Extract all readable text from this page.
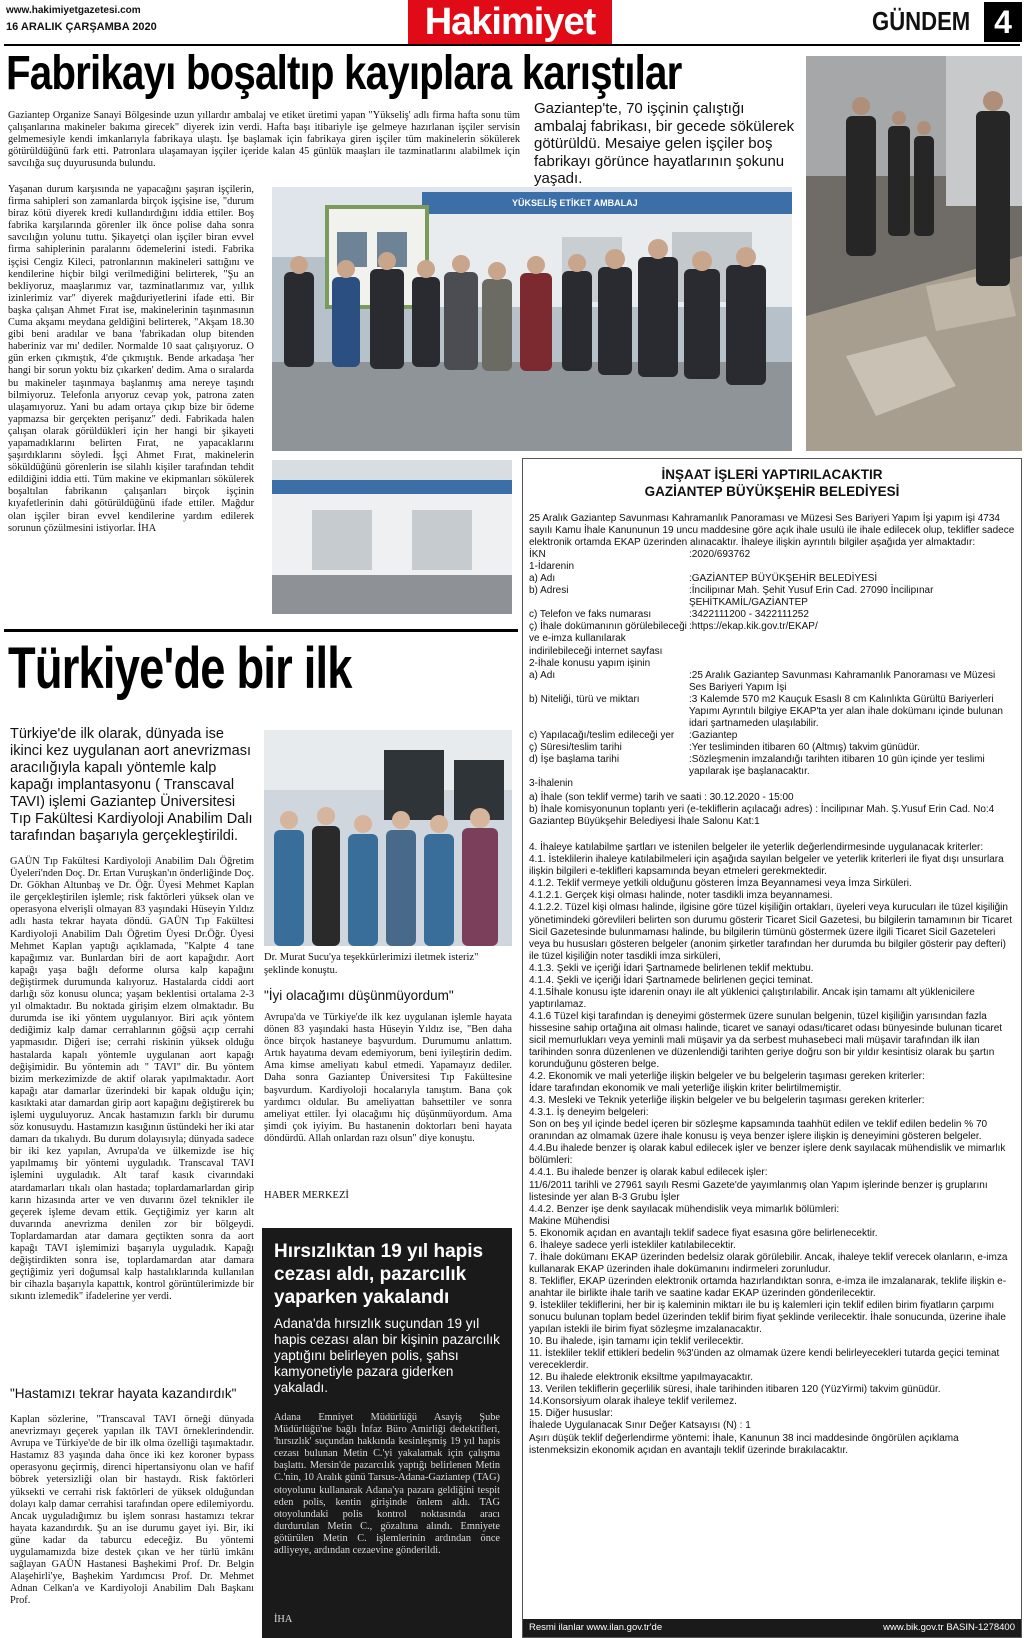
www.hakimiyetgazetesi.com
16 ARALIK ÇARŞAMBA 2020	Hakimiyet	GÜNDEM 4
Fabrikayı boşaltıp kayıplara karıştılar
Gaziantep Organize Sanayi Bölgesinde uzun yıllardır ambalaj ve etiket üretimi yapan "Yükseliş' adlı firma hafta sonu tüm çalışanlarına makineler bakıma girecek" diyerek izin verdi. Hafta başı itibariyle işe gelmeye hazırlanan işçiler servisin gelmemesiyle kendi imkanlarıyla fabrikaya ulaştı. İşe başlamak için fabrikaya giren işçiler tüm makinelerin sökülerek götürüldüğünü fark etti. Patronlara ulaşamayan işçiler içeride kalan 45 günlük maaşları ile tazminatlarını alabilmek için savcılığa suç duyurusunda bulundu.
Gaziantep'te, 70 işçinin çalıştığı ambalaj fabrikası, bir gecede sökülerek götürüldü. Mesaiye gelen işçiler boş fabrikayı görünce hayatlarının şokunu yaşadı.
Yaşanan durum karşısında ne yapacağını şaşıran işçilerin, firma sahipleri son zamanlarda birçok işçisine ise, "durum biraz kötü diyerek kredi kullandırdığını iddia ettiler. Boş fabrika karşılarında görenler ilk önce polise daha sonra savcılığın yolunu tuttu. Şikayetçi olan işçiler biran evvel firma sahiplerinin paralarını ödemelerini istedi. Fabrika işçisi Cengiz Kileci, patronlarının makineleri sattığını ve kendilerine hiçbir bilgi verilmediğini belirterek, "Şu an bekliyoruz, maaşlarımız var, tazminatlarımız var, yıllık izinlerimiz var" diyerek mağduriyetlerini ifade etti. Bir başka çalışan Ahmet Fırat ise, makinelerinin taşınmasının Cuma akşamı meydana geldiğini belirterek, "Akşam 18.30 gibi beni aradılar ve bana 'fabrikadan olup bitenden haberiniz var mı' dediler. Normalde 10 saat çalışıyoruz. O gün erken çıkmıştık, 4'de çıkmıştık. Bende arkadaşa 'her hangi bir sorun yoktu biz çıkarken' dedim. Ama o sıralarda bu makineler taşınmaya başlanmış ama nereye taşındı bilmiyoruz. Telefonla arıyoruz cevap yok, patrona zaten ulaşamıyoruz. Yani bu adam ortaya çıkıp bize bir ödeme yapmazsa bir gerçekten perişanız" dedi. Fabrikada halen çalışan olarak görüldükleri için her hangi bir şikayeti yapamadıklarını belirten Fırat, ne yapacaklarını şaşırdıklarını söyledi. İşçi Ahmet Fırat, makinelerin söküldüğünü görenlerin ise silahlı kişiler tarafından tehdit edildiğini iddia etti. Tüm makine ve ekipmanları sökülerek boşaltılan fabrikanın çalışanları birçok işçinin kıyafetlerinin dahi götürüldüğünü ifade ettiler. Mağdur olan işçiler biran evvel kendilerine yardım edilerek sorunun çözülmesini istiyorlar. İHA
YÜKSELİŞ ETİKET AMBALAJ
Türkiye'de bir ilk
Türkiye'de ilk olarak, dünyada ise ikinci kez uygulanan aort anevrizması aracılığıyla kapalı yöntemle kalp kapağı implantasyonu ( Transcaval TAVI) işlemi Gaziantep Üniversitesi Tıp Fakültesi Kardiyoloji Anabilim Dalı tarafından başarıyla gerçekleştirildi.
GAÜN Tıp Fakültesi Kardiyoloji Anabilim Dalı Öğretim Üyeleri'nden Doç. Dr. Ertan Vuruşkan'ın önderliğinde Doç. Dr. Gökhan Altunbaş ve Dr. Öğr. Üyesi Mehmet Kaplan ile gerçekleştirilen işlemle; risk faktörleri yüksek olan ve operasyona elverişli olmayan 83 yaşındaki Hüseyin Yıldız adlı hasta tekrar hayata döndü. GAÜN Tıp Fakültesi Kardiyoloji Anabilim Dalı Öğretim Üyesi Dr.Öğr. Üyesi Mehmet Kaplan yaptığı açıklamada, "Kalpte 4 tane kapağımız var. Bunlardan biri de aort kapağıdır. Aort kapağı yaşa bağlı deforme olursa kalp kapağını değiştirmek durumunda kalıyoruz. Hastalarda ciddi aort darlığı söz konusu olunca; yaşam beklentisi ortalama 2-3 yıl olmaktadır. Bu noktada girişim elzem olmaktadır. Bu durumda ise iki yöntem uygulanıyor. Biri açık yöntem dediğimiz kalp damar cerrahlarının göğsü açıp cerrahi yapmasıdır. Diğeri ise; cerrahi riskinin yüksek olduğu hastalarda kapalı yöntemle uygulanan aort kapağı değişimidir. Bu yöntemin adı " TAVI" dir. Bu yöntem bizim merkezimizde de aktif olarak yapılmaktadır. Aort kapağı atar damarlar üzerindeki bir kapak olduğu için; kasıktaki atar damardan girip aort kapağını değiştirerek bu işlemi uyguluyoruz. Ancak hastamızın farklı bir durumu söz konusuydu. Hastamızın kasığının üstündeki her iki atar damarı da tıkalıydı. Bu durum dolayısıyla; dünyada sadece bir iki kez yapılan, Avrupa'da ve ülkemizde ise hiç yapılmamış bir yöntemi uyguladık. Transcaval TAVI işlemini uyguladık. Alt taraf kasık civarındaki atardamarları tıkalı olan hastada; toplardamarlardan girip karın hizasında arter ve ven duvarını özel teknikler ile geçerek işleme devam ettik. Geçtiğimiz yer karın alt duvarında anevrizma denilen zor bir bölgeydi. Toplardamardan atar damara geçtikten sonra da aort kapağı TAVI işlemimizi başarıyla uyguladık. Kapağı değiştirdikten sonra ise, toplardamardan atar damara geçtiğimiz yeri doğumsal kalp hastalıklarında kullanılan bir cihazla başarıyla kapattık, kontrol görüntülerimizde bir sıkıntı izlemedik" ifadelerine yer verdi.
"Hastamızı tekrar hayata kazandırdık"
Kaplan sözlerine, "Transcaval TAVI örneği dünyada anevrizmayı geçerek yapılan ilk TAVI örneklerindendir. Avrupa ve Türkiye'de de bir ilk olma özelliği taşımaktadır. Hastamız 83 yaşında daha önce iki kez koroner bypass operasyonu geçirmiş, direnci hipertansiyonu olan ve hafif böbrek yetersizliği olan bir hastaydı. Risk faktörleri yüksekti ve cerrahi risk faktörleri de yüksek olduğundan dolayı kalp damar cerrahisi tarafından opere edilemiyordu. Ancak uyguladığımız bu işlem sonrası hastamızı tekrar hayata kazandırdık. Şu an ise durumu gayet iyi. Bir, iki güne kadar da taburcu edeceğiz. Bu yöntemi uygulamamızda bize destek çıkan ve her türlü imkânı sağlayan GAÜN Hastanesi Başhekimi Prof. Dr. Belgin Alaşehirli'ye, Başhekim Yardımcısı Prof. Dr. Mehmet Adnan Celkan'a ve Kardiyoloji Anabilim Dalı Başkanı Prof.
Dr. Murat Sucu'ya teşekkürlerimizi iletmek isteriz" şeklinde konuştu.
"İyi olacağımı düşünmüyordum"
Avrupa'da ve Türkiye'de ilk kez uygulanan işlemle hayata dönen 83 yaşındaki hasta Hüseyin Yıldız ise, "Ben daha önce birçok hastaneye başvurdum. Durumumu anlattım. Artık hayatıma devam edemiyorum, beni iyileştirin dedim. Ama kimse ameliyatı kabul etmedi. Yapamayız dediler. Daha sonra Gaziantep Üniversitesi Tıp Fakültesine başvurdum. Kardiyoloji hocalarıyla tanıştım. Bana çok yardımcı oldular. Bu ameliyattan bahsettiler ve sonra ameliyat ettiler. İyi olacağımı hiç düşünmüyordum. Ama şimdi çok iyiyim. Bu hastanenin doktorları beni hayata döndürdü. Allah onlardan razı olsun" diye konuştu.
HABER MERKEZİ
Hırsızlıktan 19 yıl hapis cezası aldı, pazarcılık yaparken yakalandı
Adana'da hırsızlık suçundan 19 yıl hapis cezası alan bir kişinin pazarcılık yaptığını belirleyen polis, şahsı kamyonetiyle pazara giderken yakaladı.
Adana Emniyet Müdürlüğü Asayiş Şube Müdürlüğü'ne bağlı İnfaz Büro Amirliği dedektifleri, 'hırsızlık' suçundan hakkında kesinleşmiş 19 yıl hapis cezası bulunan Metin C.'yi yakalamak için çalışma başlattı. Mersin'de pazarcılık yaptığı belirlenen Metin C.'nin, 10 Aralık günü Tarsus-Adana-Gaziantep (TAG) otoyolunu kullanarak Adana'ya pazara geldiğini tespit eden polis, kentin girişinde önlem aldı. TAG otoyolundaki polis kontrol noktasında aracı durdurulan Metin C., gözaltına alındı. Emniyete götürülen Metin C. işlemlerinin ardından önce adliyeye, ardından cezaevine gönderildi.
İHA
İNŞAAT İŞLERİ YAPTIRILACAKTIR
GAZİANTEP BÜYÜKŞEHİR BELEDİYESİ

25 Aralık Gaziantep Savunması Kahramanlık Panoraması ve Müzesi Ses Bariyeri Yapım İşi yapım işi 4734 sayılı Kamu İhale Kanununun 19 uncu maddesine göre açık ihale usulü ile ihale edilecek olup, teklifler sadece elektronik ortamda EKAP üzerinden alınacaktır. İhaleye ilişkin ayrıntılı bilgiler aşağıda yer almaktadır:

İKN	:2020/693762
1-İdarenin
a) Adı	:GAZİANTEP BÜYÜKŞEHİR BELEDİYESİ
b) Adresi	:İncilipınar Mah. Şehit Yusuf Erin Cad. 27090 İncilipınar ŞEHİTKAMİL/GAZİANTEP
c) Telefon ve faks numarası	:3422111200 - 3422111252
ç) İhale dokümanının görülebileceği ve e-imza kullanılarak indirilebileceği internet sayfası
:https://ekap.kik.gov.tr/EKAP/
2-İhale konusu yapım işinin
a) Adı	:25 Aralık Gaziantep Savunması Kahramanlık Panoraması ve Müzesi Ses Bariyeri Yapım İşi
b) Niteliği, türü ve miktarı	:3 Kalemde 570 m2 Kauçuk Esaslı 8 cm Kalınlıkta Gürültü Bariyerleri Yapımı Ayrıntılı bilgiye EKAP'ta yer alan ihale dokümanı içinde bulunan idari şartnameden ulaşılabilir.
c) Yapılacağı/teslim edileceği yer	:Gaziantep
ç) Süresi/teslim tarihi	:Yer tesliminden itibaren 60 (Altmış) takvim günüdür.
d) İşe başlama tarihi	:Sözleşmenin imzalandığı tarihten itibaren 10 gün içinde yer teslimi yapılarak işe başlanacaktır.
3-İhalenin

a) İhale (son teklif verme) tarih ve saati : 30.12.2020 - 15:00

b) İhale komisyonunun toplantı yeri (e-tekliflerin açılacağı adres) : İncilipınar Mah. Ş.Yusuf Erin Cad. No:4 Gaziantep Büyükşehir Belediyesi İhale Salonu Kat:1

4. İhaleye katılabilme şartları ve istenilen belgeler ile yeterlik değerlendirmesinde uygulanacak kriterler:

4.1. İsteklilerin ihaleye katılabilmeleri için aşağıda sayılan belgeler ve yeterlik kriterleri ile fiyat dışı unsurlara ilişkin bilgileri e-teklifleri kapsamında beyan etmeleri gerekmektedir.

4.1.2. Teklif vermeye yetkili olduğunu gösteren İmza Beyannamesi veya İmza Sirküleri.

4.1.2.1. Gerçek kişi olması halinde, noter tasdikli imza beyannamesi.

4.1.2.2. Tüzel kişi olması halinde, ilgisine göre tüzel kişiliğin ortakları, üyeleri veya kurucuları ile tüzel kişiliğin yönetimindeki görevlileri belirten son durumu gösterir Ticaret Sicil Gazetesi, bu bilgilerin tamamının bir Ticaret Sicil Gazetesinde bulunmaması halinde, bu bilgilerin tümünü göstermek üzere ilgili Ticaret Sicil Gazeteleri veya bu hususları gösteren belgeler (anonim şirketler tarafından her durumda bu bilgiler gösterir pay defteri) ile tüzel kişiliğin noter tasdikli imza sirküleri,

4.1.3. Şekli ve içeriği İdari Şartnamede belirlenen teklif mektubu.

4.1.4. Şekli ve içeriği İdari Şartnamede belirlenen geçici teminat.

4.1.5İhale konusu işte idarenin onayı ile alt yüklenici çalıştırılabilir. Ancak işin tamamı alt yüklenicilere yaptırılamaz.

4.1.6 Tüzel kişi tarafından iş deneyimi göstermek üzere sunulan belgenin, tüzel kişiliğin yarısından fazla hissesine sahip ortağına ait olması halinde, ticaret ve sanayi odası/ticaret odası bünyesinde bulunan ticaret sicil memurlukları veya yeminli mali müşavir ya da serbest muhasebeci mali müşavir tarafından ilk ilan tarihinden sonra düzenlenen ve düzenlendiği tarihten geriye doğru son bir yıldır kesintisiz olarak bu şartın korunduğunu gösteren belge.

4.2. Ekonomik ve mali yeterliğe ilişkin belgeler ve bu belgelerin taşıması gereken kriterler:

İdare tarafından ekonomik ve mali yeterliğe ilişkin kriter belirtilmemiştir.

4.3. Mesleki ve Teknik yeterliğe ilişkin belgeler ve bu belgelerin taşıması gereken kriterler:

4.3.1. İş deneyim belgeleri:

Son on beş yıl içinde bedel içeren bir sözleşme kapsamında taahhüt edilen ve teklif edilen bedelin % 70 oranından az olmamak üzere ihale konusu iş veya benzer işlere ilişkin iş deneyimini gösteren belgeler.

4.4.Bu ihalede benzer iş olarak kabul edilecek işler ve benzer işlere denk sayılacak mühendislik ve mimarlık bölümleri:

4.4.1. Bu ihalede benzer iş olarak kabul edilecek işler:

11/6/2011 tarihli ve 27961 sayılı Resmi Gazete'de yayımlanmış olan Yapım işlerinde benzer iş gruplarını listesinde yer alan B-3 Grubu İşler

4.4.2. Benzer işe denk sayılacak mühendislik veya mimarlık bölümleri:

Makine Mühendisi

5. Ekonomik açıdan en avantajlı teklif sadece fiyat esasına göre belirlenecektir.

6. İhaleye sadece yerli istekliler katılabilecektir.

7. İhale dokümanı EKAP üzerinden bedelsiz olarak görülebilir. Ancak, ihaleye teklif verecek olanların, e-imza kullanarak EKAP üzerinden ihale dokümanını indirmeleri zorunludur.

8. Teklifler, EKAP üzerinden elektronik ortamda hazırlandıktan sonra, e-imza ile imzalanarak, teklife ilişkin e-anahtar ile birlikte ihale tarih ve saatine kadar EKAP üzerinden gönderilecektir.

9. İstekliler tekliflerini, her bir iş kaleminin miktarı ile bu iş kalemleri için teklif edilen birim fiyatların çarpımı sonucu bulunan toplam bedel üzerinden teklif birim fiyat şeklinde verilecektir. İhale sonucunda, üzerine ihale yapılan istekli ile birim fiyat sözleşme imzalanacaktır.

10. Bu ihalede, işin tamamı için teklif verilecektir.

11. İstekliler teklif ettikleri bedelin %3'ünden az olmamak üzere kendi belirleyecekleri tutarda geçici teminat vereceklerdir.

12. Bu ihalede elektronik eksiltme yapılmayacaktır.

13. Verilen tekliflerin geçerlilik süresi, ihale tarihinden itibaren 120 (YüzYirmi) takvim günüdür.

14.Konsorsiyum olarak ihaleye teklif verilemez.

15. Diğer hususlar:

İhalede Uygulanacak Sınır Değer Katsayısı (N) : 1

Aşırı düşük teklif değerlendirme yöntemi: İhale, Kanunun 38 inci maddesinde öngörülen açıklama istenmeksizin ekonomik açıdan en avantajlı teklif üzerinde bırakılacaktır.

Resmi ilanlar www.ilan.gov.tr'de	www.bik.gov.tr BASIN-1278400
